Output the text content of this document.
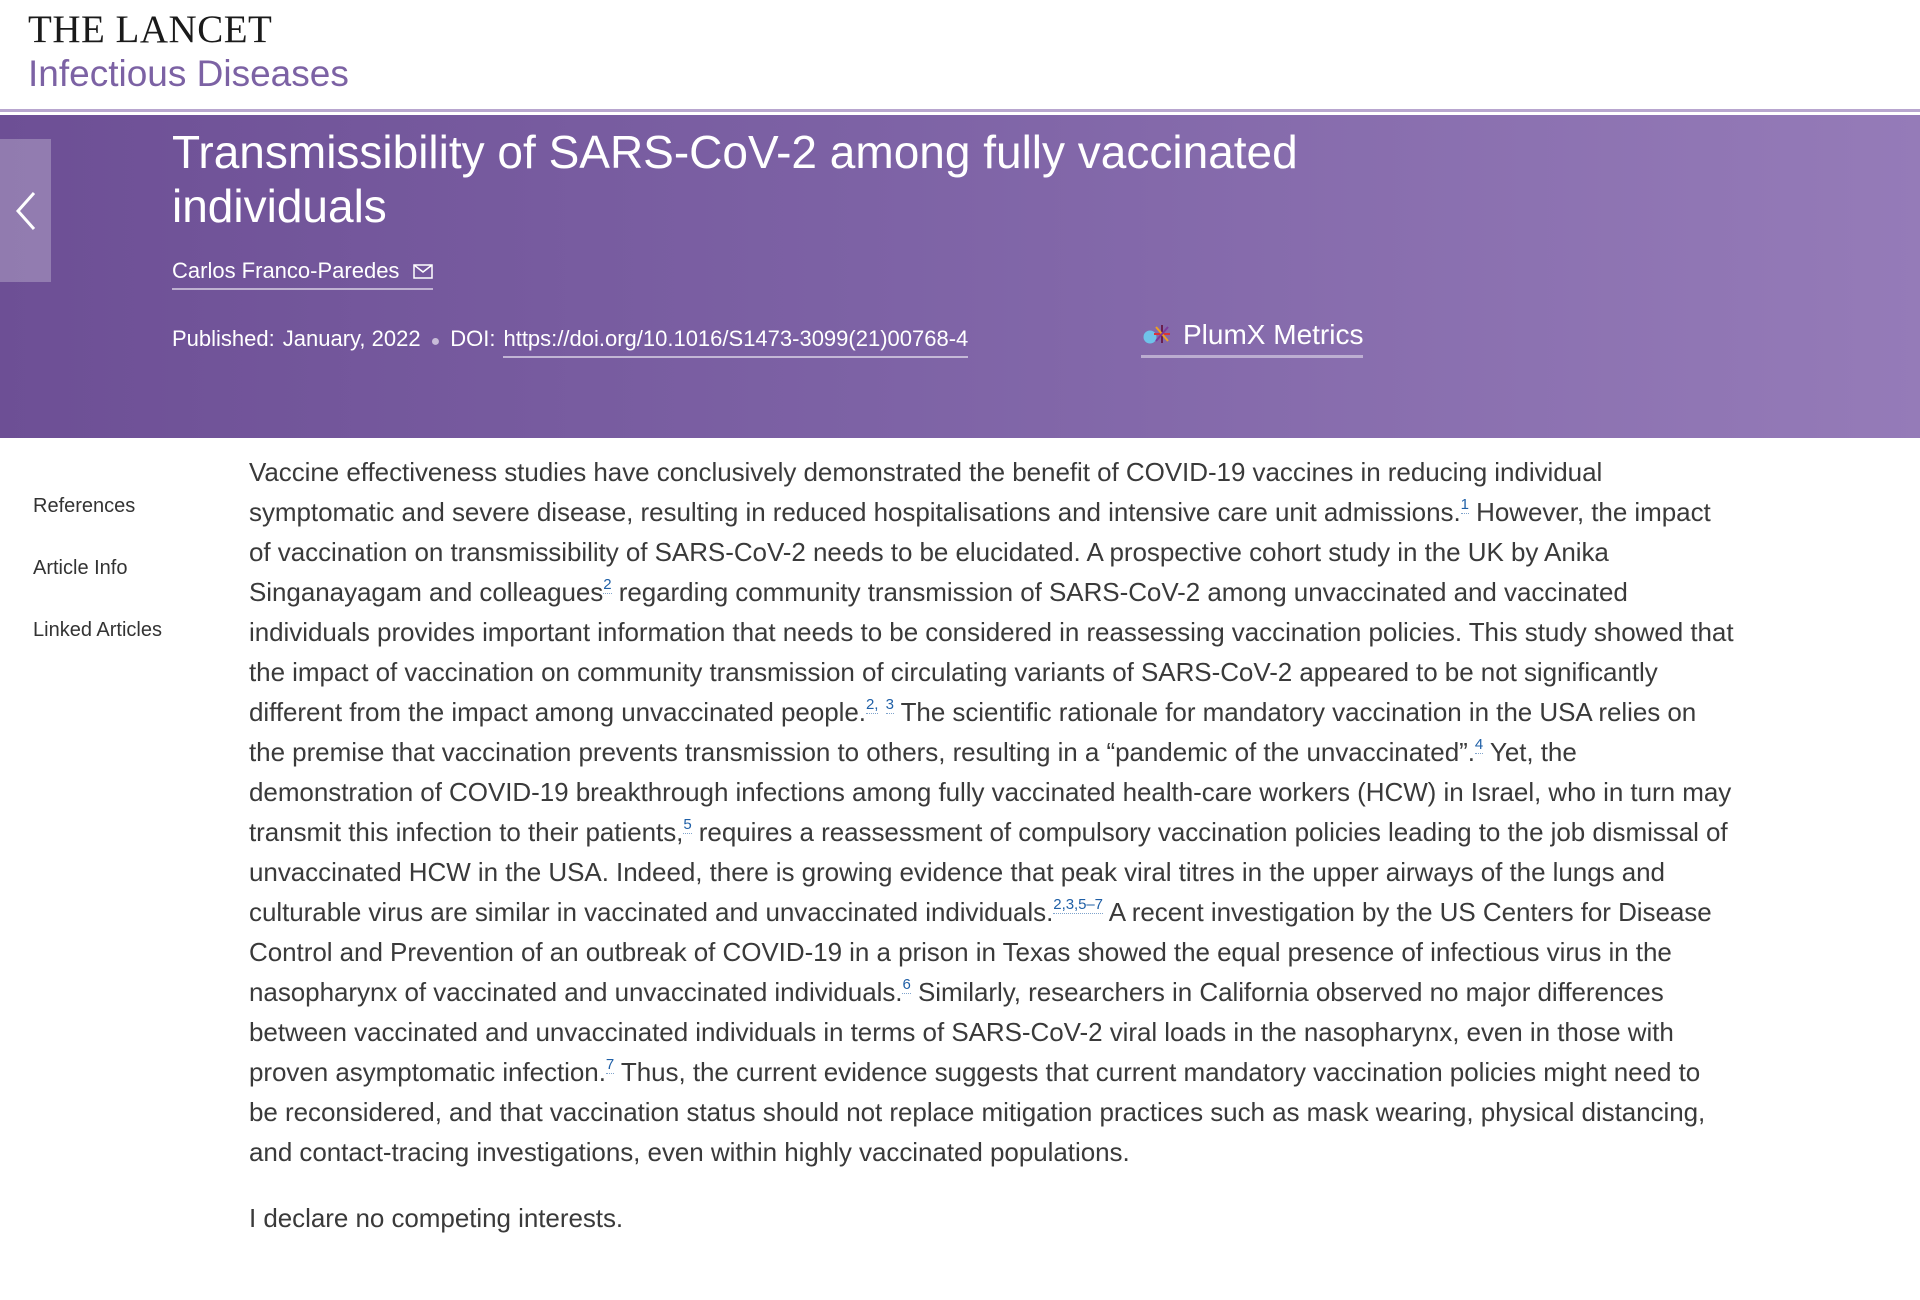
THE LANCET
Infectious Diseases
Transmissibility of SARS-CoV-2 among fully vaccinated individuals
Carlos Franco-Paredes
Published: January, 2022 ● DOI: https://doi.org/10.1016/S1473-3099(21)00768-4	PlumX Metrics
References
Article Info
Linked Articles

Vaccine effectiveness studies have conclusively demonstrated the benefit of COVID-19 vaccines in reducing individual symptomatic and severe disease, resulting in reduced hospitalisations and intensive care unit admissions.$^1$ However, the impact of vaccination on transmissibility of SARS-CoV-2 needs to be elucidated. A prospective cohort study in the UK by Anika Singanayagam and colleagues$^2$ regarding community transmission of SARS-CoV-2 among unvaccinated and vaccinated individuals provides important information that needs to be considered in reassessing vaccination policies. This study showed that the impact of vaccination on community transmission of circulating variants of SARS-CoV-2 appeared to be not significantly different from the impact among unvaccinated people.$^{2,}$ $^3$ The scientific rationale for mandatory vaccination in the USA relies on the premise that vaccination prevents transmission to others, resulting in a “pandemic of the unvaccinated”.$^4$ Yet, the demonstration of COVID-19 breakthrough infections among fully vaccinated health-care workers (HCW) in Israel, who in turn may transmit this infection to their patients,$^5$ requires a reassessment of compulsory vaccination policies leading to the job dismissal of unvaccinated HCW in the USA. Indeed, there is growing evidence that peak viral titres in the upper airways of the lungs and culturable virus are similar in vaccinated and unvaccinated individuals.$^{2,3,5-7}$ A recent investigation by the US Centers for Disease Control and Prevention of an outbreak of COVID-19 in a prison in Texas showed the equal presence of infectious virus in the nasopharynx of vaccinated and unvaccinated individuals.$^6$ Similarly, researchers in California observed no major differences between vaccinated and unvaccinated individuals in terms of SARS-CoV-2 viral loads in the nasopharynx, even in those with proven asymptomatic infection.$^7$ Thus, the current evidence suggests that current mandatory vaccination policies might need to be reconsidered, and that vaccination status should not replace mitigation practices such as mask wearing, physical distancing, and contact-tracing investigations, even within highly vaccinated populations.

I declare no competing interests.
